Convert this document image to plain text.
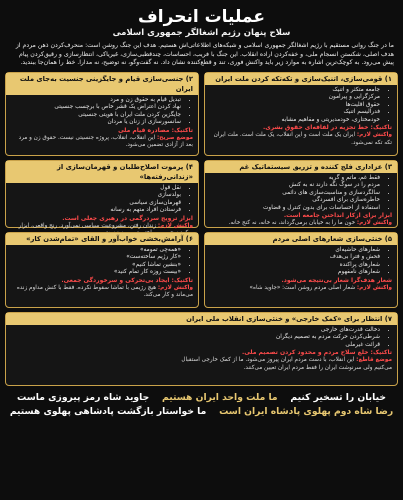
عملیات انحراف
سلاح پنهان رژیم اشغالگر جمهوری اسلامی
ما در جنگ روانی مستقیم با رژیم اشغالگر جمهوری اسلامی و شبکه‌های اطلاعاتی‌اش هستیم. هدف این جنگ روشن است: منحرف‌کردن ذهن مردم از هدف اصلی، شکستن انسجام ملی، و خفه‌کردن اراده انقلاب. این جنگ با فریب، احساسات، چندقطبی‌سازی، غیریاکی، انتظارسازی و رقیق‌کردن پیام پیش می‌رود. به کوچک‌ترین اشاره به موارد زیر باید واکنش فوری، تند و قطع‌کننده نشان داد. نه گفت‌وگو، نه توضیح، نه مدارا. خط را همان‌جا ببندید.
۱) قومی‌سازی، اتنیک‌سازی و تکه‌تکه کردن ملت ایران
• جامعه متکثر و اتنیک
• مرکزگرایی و پیرامون
• حقوق اقلیت‌ها
• فدرالیسم اتنیک
• خودمختاری، خودمدیریتی و مفاهیم مشابه
تاکتیک: خط تجزیه در لفافه‌ای حقوق بشری.
واکنش لازم: ایران یک ملت است و این انقلاب، یک ملت است. ملت ایران تکه تکه نمی‌شود.
۲) جنسی‌سازی قیام و جایگزینی جنسیت به‌جای ملت ایران
• تبدیل قیام به حقوق زن و مرد
• نهاد کردن اعتراض یک قشر خاص با برچسب جنسیتی
• جایگزین کردن ملت ایران با هویتی جنسیتی
• سانسورسازی از زنان یا مردان
تاکتیک: مصادره قیام ملی
موضع صریح: این انقلاب، انقلاب، پروژه جنسیتی نیست. حقوق زن و مرد بعد از آزادی تضمین می‌شود.
۳) عزاداری فلج کننده و تزریق سیستماتیک غم
• فقط غم، ماتم و گریه
• مردم را در سوگ نگه دارند نه به کنش
• سالگردسازی و مناسبت‌سازی های دائمی
• خاطره‌سازی برای افسردگی
• استفاده از احساسات برای بدون کنترل و قضاوت
ابزار برای ازکار انداختن جامعه است.
واکنش لازم: خون ما را به خیابان برمی‌گرداند، نه خانه، نه کنج خانه.
۴) پرموت اصلاح‌طلبان و قهرمان‌سازی از «زندانی‌رفته‌ها»
• نقل قول
• بولدسازی
• قهرمان‌سازی سیاسی
• فرستادن افراد متهم به رسانه
ابزار ترویج سردرگمی در رهبری جعلی است.
واکنش لازم: زندان رفتن، مشروعیت سیاسی نمی‌آورد. رنج واقعی، ابزار
۵) خنثی‌سازی شعارهای اصلی مردم
• شعارهای حاشیه‌ای
• فحش و فترا بی‌هدف
• شعارهای پراکنده
• شعارهای نامفهوم
شعار هدف‌گرا شعار بی‌نتیجه می‌شود.
واکنش لازم: شعار اصلی مردم روشن است: «جاوید شاه»
۶) آرامش‌بخشی خواب‌آور و القای «تمام‌شدن کار»
• «همه‌چی تمومه»
• «کار رژیم ساخته‌ست»
• «بنشین تماشا کنیم»
• «بیست روزه کار تمام کنید»
تاکتیک: ایجاد بی‌تحرکی و سرخوردگی جمعی.
واکنش لازم: هیچ رژیمی با تماشا سقوط نکرده. فقط با کنش مداوم زنده می‌ماند و کار می‌کند.
۷) انتظار برای «کمک خارجی» و خنثی‌سازی انقلاب ملی ایران
• دخالت قدرت‌های خارجی
• شرطی‌کردن حرکت مردم به تصمیم دیگران
• قرائت غیرملی
تاکتیک: خلع سلاح مردم و محدود کردن تصمیم ملی.
موضع قاطع: این انقلاب، با دست مردم ایران پیروز می‌شود. ما از کمک خارجی استقبال می‌کنیم ولی سرنوشت ایران را فقط مردم ایران تعیین می‌کنند.
خیابان را تسخیر کنیم    ما ملت واحد ایران هستیم    جاوید شاه رمز پیروزی ماست
رضا شاه دوم پهلوی پادشاه ایران است    ما خواستار بازگشت پادشاهی پهلوی هستیم
